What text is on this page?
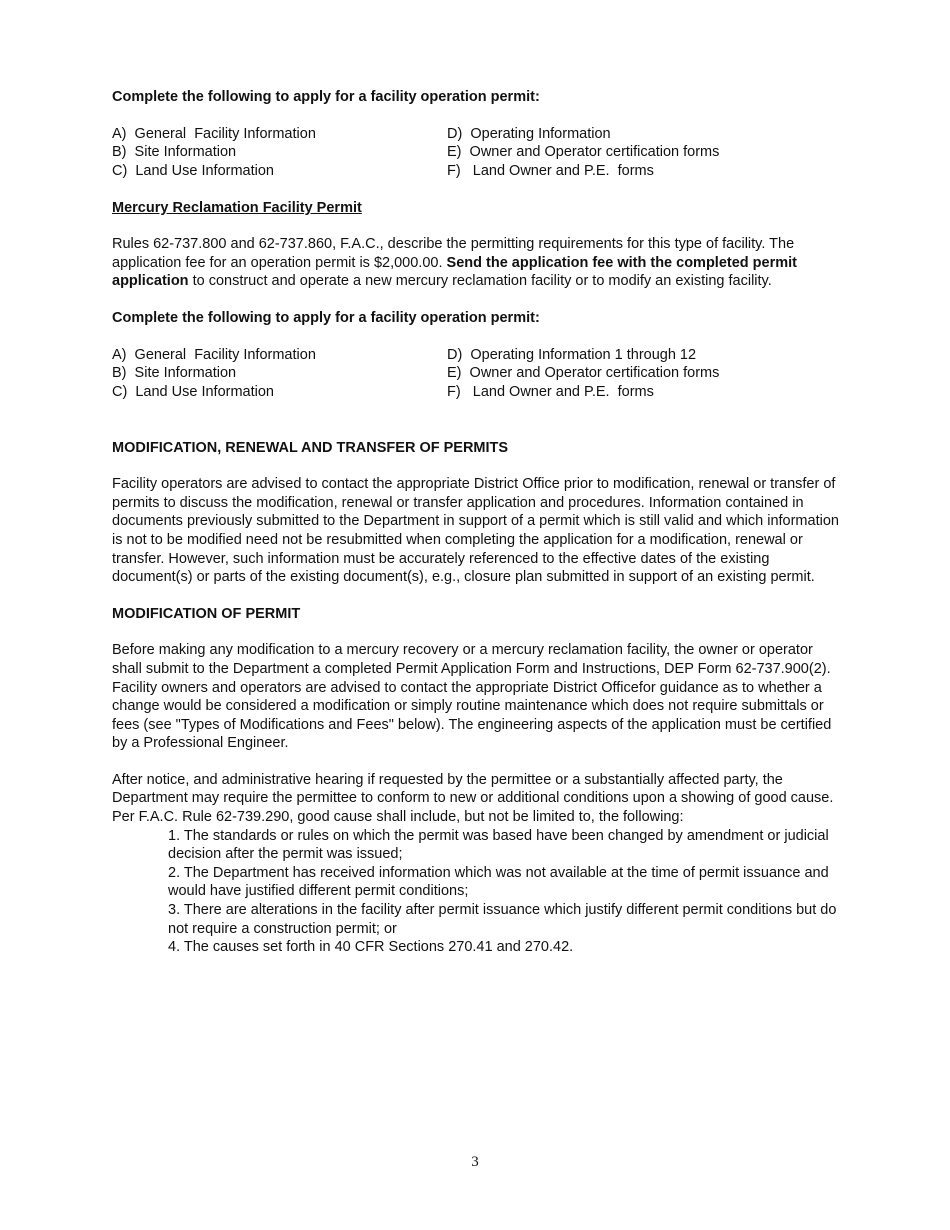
Complete the following to apply for a facility operation permit:

A)  General  Facility Information
B)  Site Information
C)  Land Use Information
D)  Operating Information
E)  Owner and Operator certification forms
F)   Land Owner and P.E.  forms

Mercury Reclamation Facility Permit

Rules 62-737.800 and 62-737.860, F.A.C., describe the permitting requirements for this type of facility. The application fee for an operation permit is $2,000.00. Send the application fee with the completed permit application to construct and operate a new mercury reclamation facility or to modify an existing facility.

Complete the following to apply for a facility operation permit:

A)  General  Facility Information
B)  Site Information
C)  Land Use Information
D)  Operating Information 1 through 12
E)  Owner and Operator certification forms
F)   Land Owner and P.E.  forms

MODIFICATION, RENEWAL AND TRANSFER OF PERMITS

Facility operators are advised to contact the appropriate District Office prior to modification, renewal or transfer of permits to discuss the modification, renewal or transfer application and procedures. Information contained in documents previously submitted to the Department in support of a permit which is still valid and which information is not to be modified need not be resubmitted when completing the application for a modification, renewal or transfer. However, such information must be accurately referenced to the effective dates of the existing document(s) or parts of the existing document(s), e.g., closure plan submitted in support of an existing permit.

MODIFICATION OF PERMIT

Before making any modification to a mercury recovery or a mercury reclamation facility, the owner or operator shall submit to the Department a completed Permit Application Form and Instructions, DEP Form 62-737.900(2). Facility owners and operators are advised to contact the appropriate District Officefor guidance as to whether a change would be considered a modification or simply routine maintenance which does not require submittals or fees (see "Types of Modifications and Fees" below). The engineering aspects of the application must be certified by a Professional Engineer.

After notice, and administrative hearing if requested by the permittee or a substantially affected party, the Department may require the permittee to conform to new or additional conditions upon a showing of good cause. Per F.A.C. Rule 62-739.290, good cause shall include, but not be limited to, the following:

1. The standards or rules on which the permit was based have been changed by amendment or judicial decision after the permit was issued;

2. The Department has received information which was not available at the time of permit issuance and would have justified different permit conditions;

3. There are alterations in the facility after permit issuance which justify different permit conditions but do not require a construction permit; or

4. The causes set forth in 40 CFR Sections 270.41 and 270.42.

3
